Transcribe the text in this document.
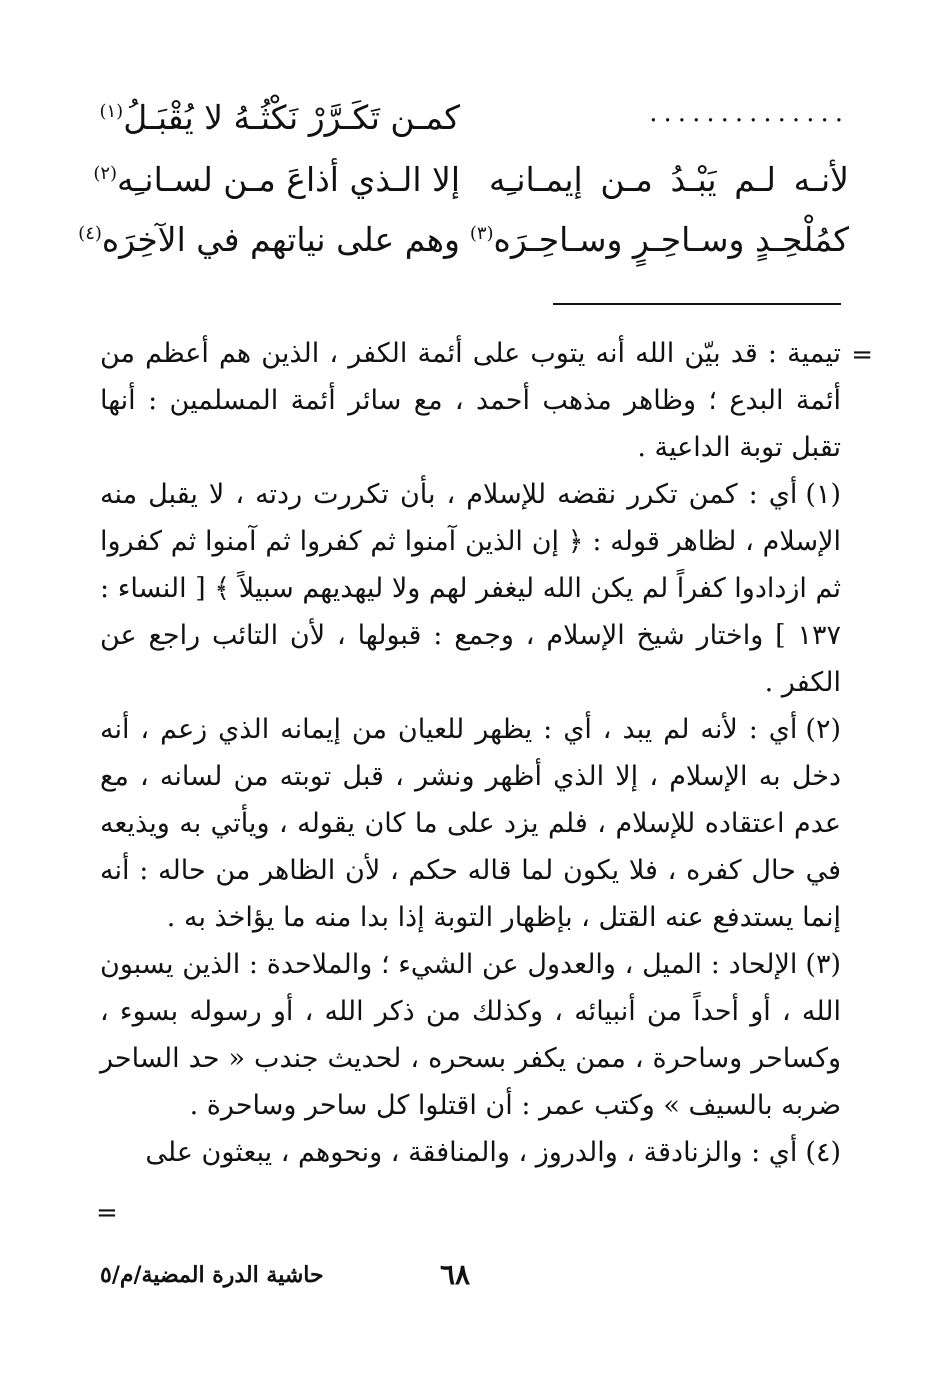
..............
كمـن تَكَـرَّرْ نَكْثُـهُ لا يُقْبَـلُ$^{(١)}$
لأنـه لـم يَبْـدُ مـن إيمـانـِه
إلا الـذي أذاعَ مـن لسـانـِه$^{(٢)}$
كمُلْحِـدٍ وسـاحِـرٍ وسـاحِـرَه$^{(٣)}$
وهم على نياتهم في الآخِرَه$^{(٤)}$
=

تيمية : قد بيّن الله أنه يتوب على أئمة الكفر ، الذين هم أعظم من أئمة البدع ؛ وظاهر مذهب أحمد ، مع سائر أئمة المسلمين : أنها تقبل توبة الداعية .

(١)أي : كمن تكرر نقضه للإسلام ، بأن تكررت ردته ، لا يقبل منه الإسلام ، لظاهر قوله : ﴿ إن الذين آمنوا ثم كفروا ثم آمنوا ثم كفروا ثم ازدادوا كفراً لم يكن الله ليغفر لهم ولا ليهديهم سبيلاً ﴾ [ النساء : ١٣٧ ] واختار شيخ الإسلام ، وجمع : قبولها ، لأن التائب راجع عن الكفر .

(٢)أي : لأنه لم يبد ، أي : يظهر للعيان من إيمانه الذي زعم ، أنه دخل به الإسلام ، إلا الذي أظهر ونشر ، قبل توبته من لسانه ، مع عدم اعتقاده للإسلام ، فلم يزد على ما كان يقوله ، ويأتي به ويذيعه في حال كفره ، فلا يكون لما قاله حكم ، لأن الظاهر من حاله : أنه إنما يستدفع عنه القتل ، بإظهار التوبة إذا بدا منه ما يؤاخذ به .

(٣)الإلحاد : الميل ، والعدول عن الشيء ؛ والملاحدة : الذين يسبون الله ، أو أحداً من أنبيائه ، وكذلك من ذكر الله ، أو رسوله بسوء ، وكساحر وساحرة ، ممن يكفر بسحره ، لحديث جندب « حد الساحر ضربه بالسيف » وكتب عمر : أن اقتلوا كل ساحر وساحرة .

(٤)أي : والزنادقة ، والدروز ، والمنافقة ، ونحوهم ، يبعثون على

=
٦٨
حاشية الدرة المضية/م/٥
